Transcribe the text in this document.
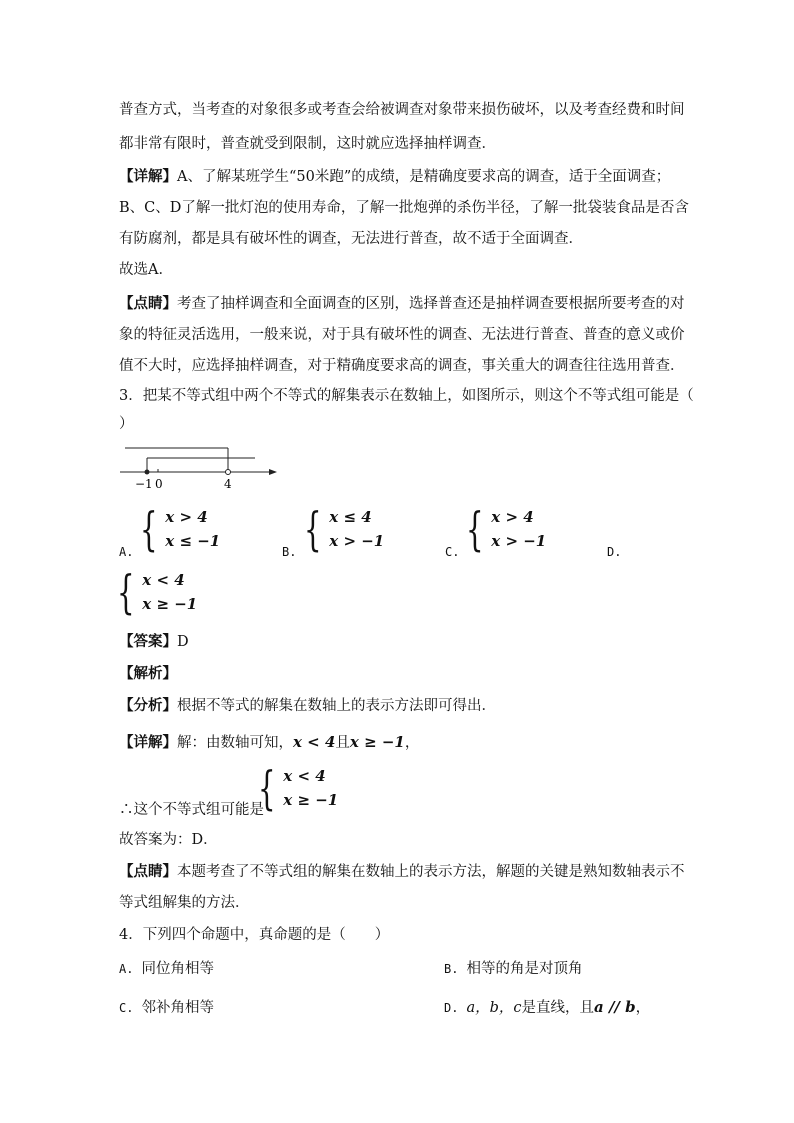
普查方式，当考查的对象很多或考查会给被调查对象带来损伤破坏，以及考查经费和时间
都非常有限时，普查就受到限制，这时就应选择抽样调查．
【详解】A、了解某班学生“50米跑”的成绩，是精确度要求高的调查，适于全面调查；
B、C、D了解一批灯泡的使用寿命，了解一批炮弹的杀伤半径，了解一批袋装食品是否含
有防腐剂，都是具有破坏性的调查，无法进行普查，故不适于全面调查．
故选A．
【点睛】考查了抽样调查和全面调查的区别，选择普查还是抽样调查要根据所要考查的对
象的特征灵活选用，一般来说，对于具有破坏性的调查、无法进行普查、普查的意义或价
值不大时，应选择抽样调查，对于精确度要求高的调查，事关重大的调查往往选用普查．
3．把某不等式组中两个不等式的解集表示在数轴上，如图所示，则这个不等式组可能是（
）
−1 0	4
A. { x > 4
x ≤ −1
B. { x ≤ 4
x > −1
C. { x > 4
x > −1
D.
{ x < 4
x ≥ −1
【答案】D
【解析】
【分析】根据不等式的解集在数轴上的表示方法即可得出．
【详解】解：由数轴可知，x < 4且x ≥ −1，
∴这个不等式组可能是
{ x < 4
x ≥ −1
故答案为：D．
【点睛】本题考查了不等式组的解集在数轴上的表示方法，解题的关键是熟知数轴表示不
等式组解集的方法．
4．下列四个命题中，真命题的是（　　）
A. 同位角相等	B. 相等的角是对顶角
C. 邻补角相等	D. a，b，c是直线，且a // b，
